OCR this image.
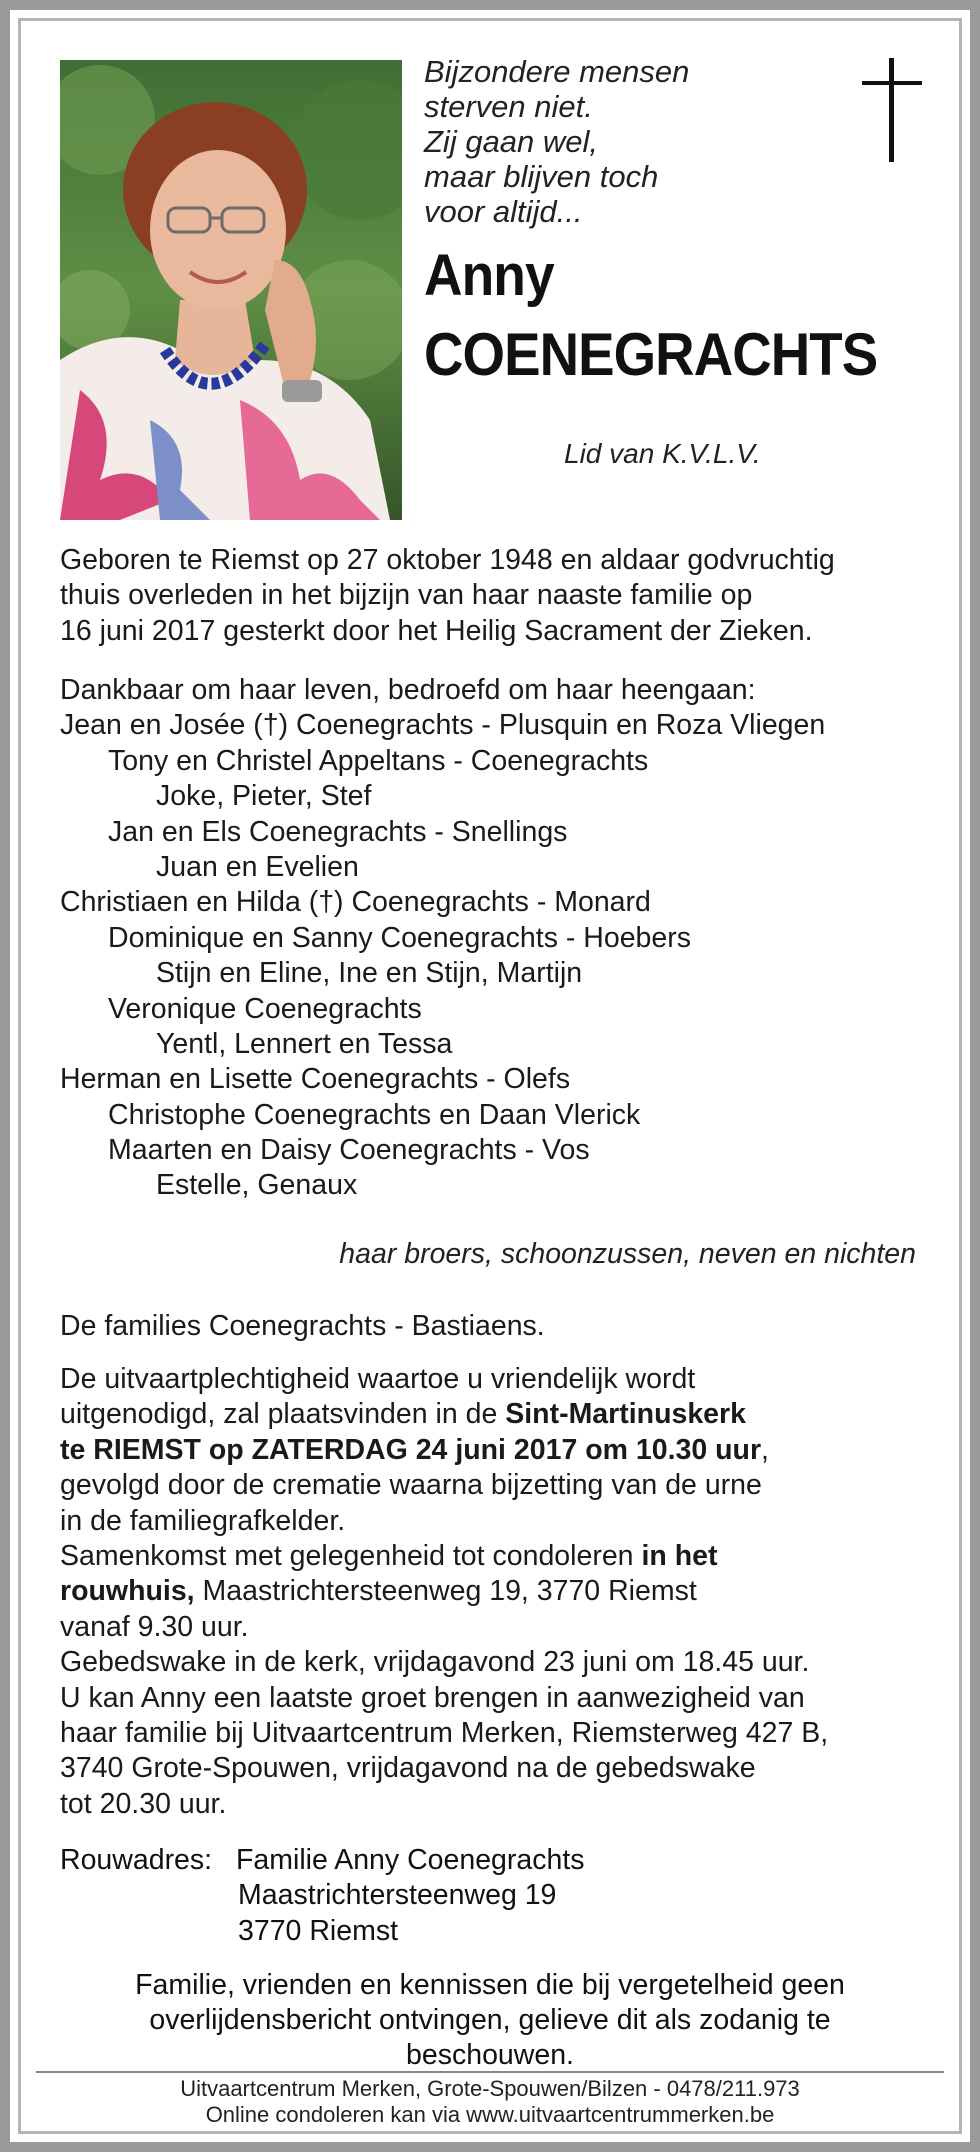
Bijzondere mensen
sterven niet.
Zij gaan wel,
maar blijven toch
voor altijd...
Anny
COENEGRACHTS
Lid van K.V.L.V.
Geboren te Riemst op 27 oktober 1948 en aldaar godvruchtig
thuis overleden in het bijzijn van haar naaste familie op
16 juni 2017 gesterkt door het Heilig Sacrament der Zieken.
Dankbaar om haar leven, bedroefd om haar heengaan:
Jean en Josée (†) Coenegrachts - Plusquin en Roza Vliegen
Tony en Christel Appeltans - Coenegrachts
Joke, Pieter, Stef
Jan en Els Coenegrachts - Snellings
Juan en Evelien
Christiaen en Hilda (†) Coenegrachts - Monard
Dominique en Sanny Coenegrachts - Hoebers
Stijn en Eline, Ine en Stijn, Martijn
Veronique Coenegrachts
Yentl, Lennert en Tessa
Herman en Lisette Coenegrachts - Olefs
Christophe Coenegrachts en Daan Vlerick
Maarten en Daisy Coenegrachts - Vos
Estelle, Genaux
haar broers, schoonzussen, neven en nichten
De families Coenegrachts - Bastiaens.
De uitvaartplechtigheid waartoe u vriendelijk wordt
uitgenodigd, zal plaatsvinden in de Sint-Martinuskerk
te RIEMST op ZATERDAG 24 juni 2017 om 10.30 uur,
gevolgd door de crematie waarna bijzetting van de urne
in de familiegrafkelder.
Samenkomst met gelegenheid tot condoleren in het
rouwhuis, Maastrichtersteenweg 19, 3770 Riemst
vanaf 9.30 uur.
Gebedswake in de kerk, vrijdagavond 23 juni om 18.45 uur.
U kan Anny een laatste groet brengen in aanwezigheid van
haar familie bij Uitvaartcentrum Merken, Riemsterweg 427 B,
3740 Grote-Spouwen, vrijdagavond na de gebedswake
tot 20.30 uur.
Rouwadres: Familie Anny Coenegrachts
Maastrichtersteenweg 19
3770 Riemst
Familie, vrienden en kennissen die bij vergetelheid geen
overlijdensbericht ontvingen, gelieve dit als zodanig te
beschouwen.
Uitvaartcentrum Merken, Grote-Spouwen/Bilzen - 0478/211.973
Online condoleren kan via www.uitvaartcentrummerken.be
